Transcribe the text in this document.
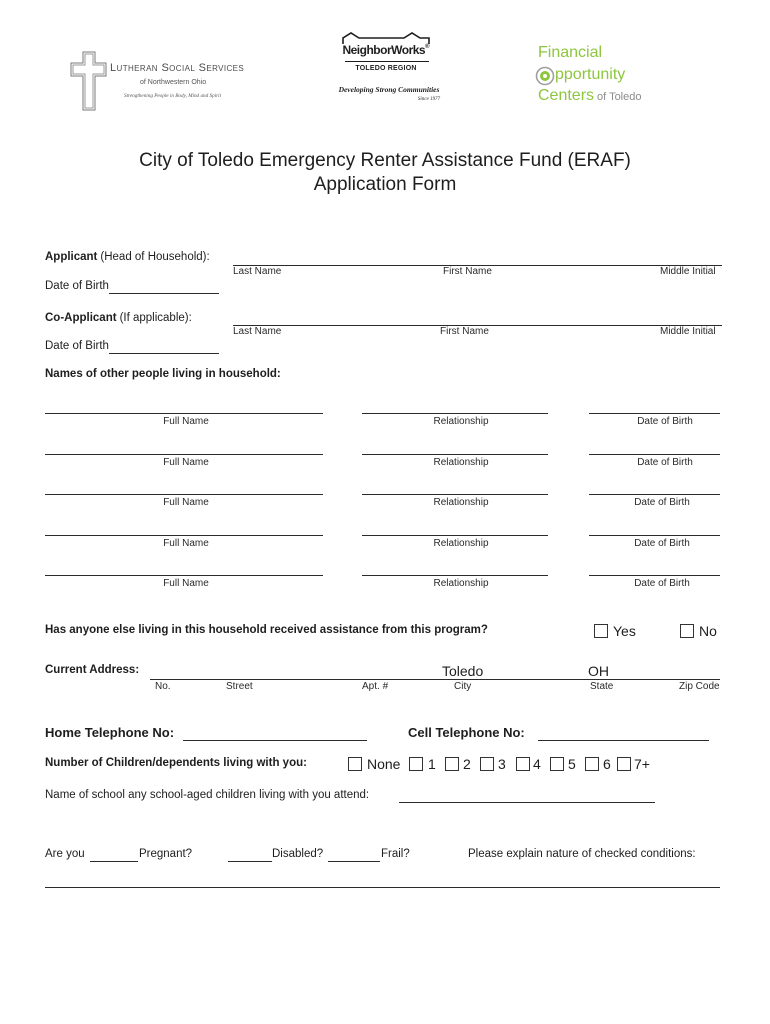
Lutheran Social Services
of Northwestern Ohio
Strengthening People in Body, Mind and Spirit
NeighborWorks®
TOLEDO REGION
Developing Strong Communities
Since 1977
Financial
pportunity
Centers of Toledo
City of Toledo Emergency Renter Assistance Fund (ERAF)
Application Form
Applicant (Head of Household):
Last Name	First Name	Middle Initial
Date of Birth
Co-Applicant (If applicable):
Last Name	First Name	Middle Initial
Date of Birth
Names of other people living in household:
Full Name	Relationship	Date of Birth
Full Name	Relationship	Date of Birth
Full Name	Relationship	Date of Birth
Full Name	Relationship	Date of Birth
Full Name	Relationship	Date of Birth
Has anyone else living in this household received assistance from this program?	Yes	No
Current Address:	Toledo	OH
No.	Street	Apt. #	City	State	Zip Code
Home Telephone No:	Cell Telephone No:
Number of Children/dependents living with you:	None 1 2 3 4 5 6 7+
Name of school any school-aged children living with you attend:
Are you	Pregnant?	Disabled?	Frail?	Please explain nature of checked conditions:
